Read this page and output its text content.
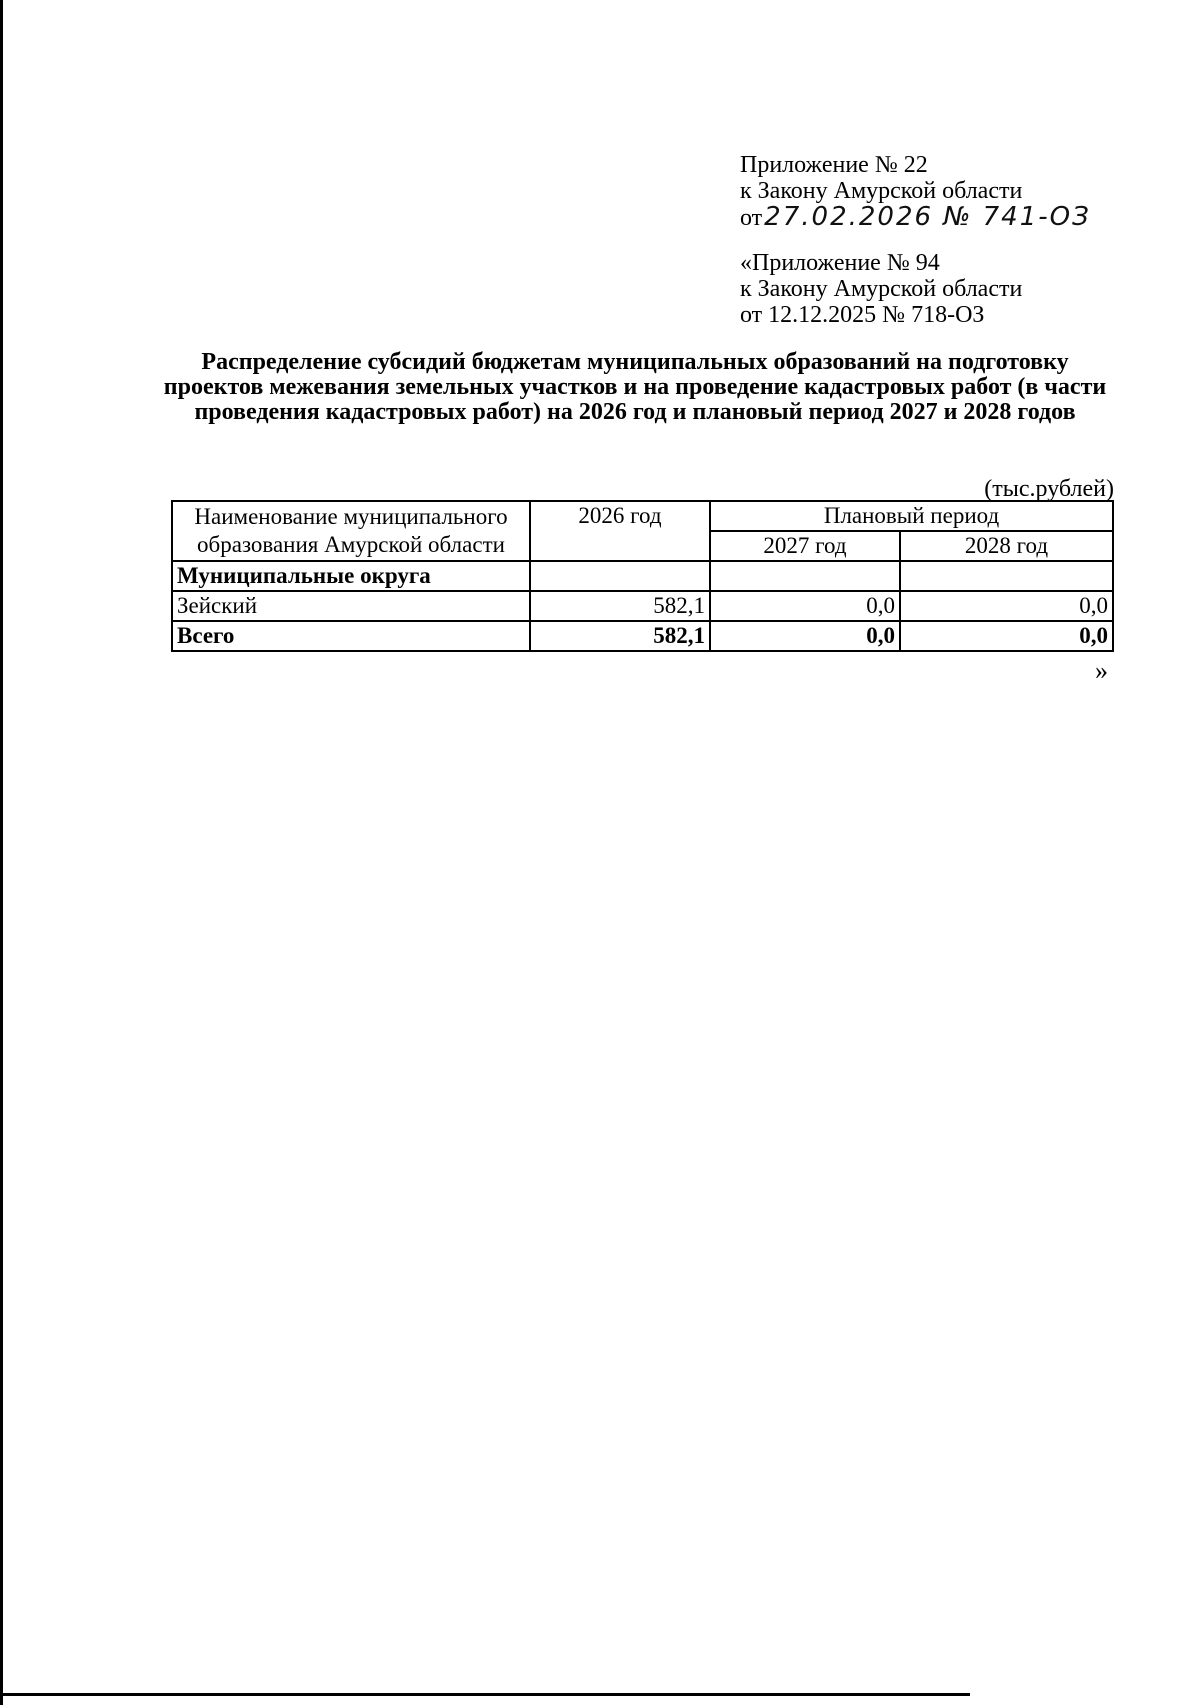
Приложение № 22
к Закону Амурской области
от27.02.2026 № 741-ОЗ
«Приложение № 94
к Закону Амурской области
от 12.12.2025 № 718-ОЗ
Распределение субсидий бюджетам муниципальных образований на подготовку проектов межевания земельных участков и на проведение кадастровых работ (в части проведения кадастровых работ) на 2026 год и плановый период 2027 и 2028 годов
(тыс.рублей)
Наименование муниципального
образования Амурской области	2026 год	Плановый период	
		2027 год	2028 год
Муниципальные округа			
Зейский	582,1	0,0	0,0
Всего	582,1	0,0	0,0
»
